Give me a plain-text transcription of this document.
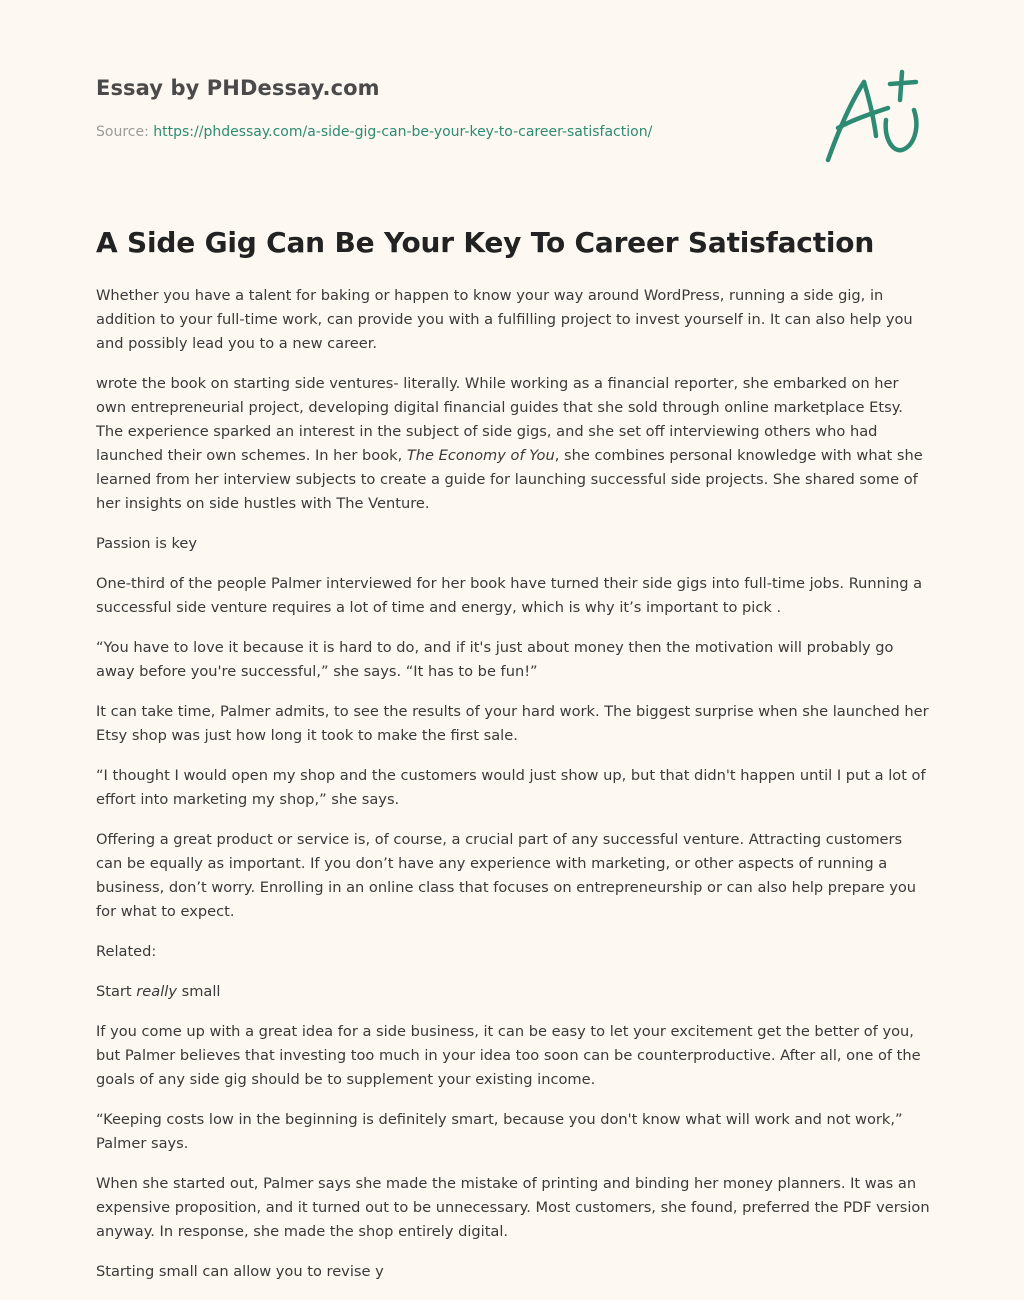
Essay by PHDessay.com

Source: https://phdessay.com/a-side-gig-can-be-your-key-to-career-satisfaction/

A Side Gig Can Be Your Key To Career Satisfaction

Whether you have a talent for baking or happen to know your way around WordPress, running a side gig, in addition to your full-time work, can provide you with a fulfilling project to invest yourself in. It can also help you and possibly lead you to a new career.

wrote the book on starting side ventures- literally. While working as a financial reporter, she embarked on her own entrepreneurial project, developing digital financial guides that she sold through online marketplace Etsy. The experience sparked an interest in the subject of side gigs, and she set off interviewing others who had launched their own schemes. In her book, The Economy of You, she combines personal knowledge with what she learned from her interview subjects to create a guide for launching successful side projects. She shared some of her insights on side hustles with The Venture.

Passion is key

One-third of the people Palmer interviewed for her book have turned their side gigs into full-time jobs. Running a successful side venture requires a lot of time and energy, which is why it’s important to pick .

“You have to love it because it is hard to do, and if it's just about money then the motivation will probably go away before you're successful,” she says. “It has to be fun!”

It can take time, Palmer admits, to see the results of your hard work. The biggest surprise when she launched her Etsy shop was just how long it took to make the first sale.

“I thought I would open my shop and the customers would just show up, but that didn't happen until I put a lot of effort into marketing my shop,” she says.

Offering a great product or service is, of course, a crucial part of any successful venture. Attracting customers can be equally as important. If you don’t have any experience with marketing, or other aspects of running a business, don’t worry. Enrolling in an online class that focuses on entrepreneurship or can also help prepare you for what to expect.

Related:

Start really small

If you come up with a great idea for a side business, it can be easy to let your excitement get the better of you, but Palmer believes that investing too much in your idea too soon can be counterproductive. After all, one of the goals of any side gig should be to supplement your existing income.

“Keeping costs low in the beginning is definitely smart, because you don't know what will work and not work,” Palmer says.

When she started out, Palmer says she made the mistake of printing and binding her money planners. It was an expensive proposition, and it turned out to be unnecessary. Most customers, she found, preferred the PDF version anyway. In response, she made the shop entirely digital.

Starting small can allow you to revise y
